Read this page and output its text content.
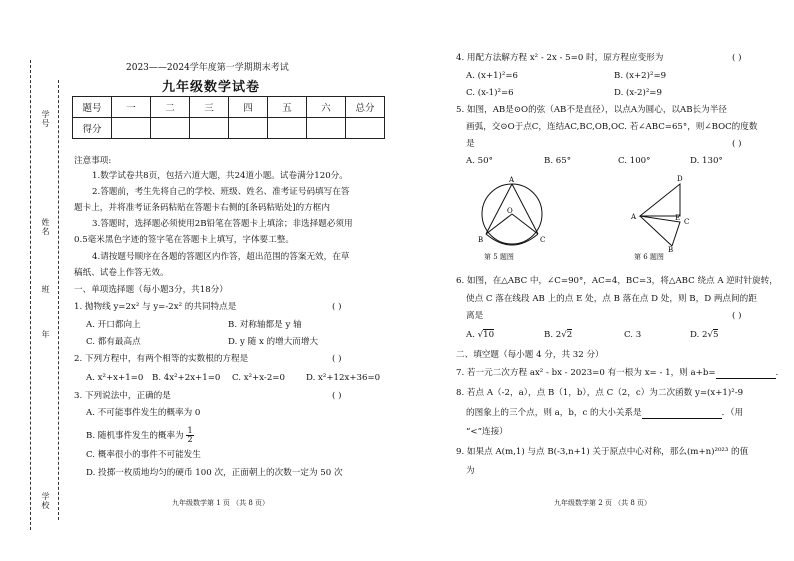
学号
姓名
班
年
学校
2023——2024学年度第一学期期末考试
九年级数学试卷
题号	一	二	三	四	五	六	总分
得分							
注意事项:
1.数学试卷共8页，包括六道大题，共24道小题。试卷满分120分。
2.答题前，考生先将自己的学校、班级、姓名、准考证号码填写在答
题卡上，并将准考证条码粘贴在答题卡右侧的[条码粘贴处]的方框内
3.答题时，选择题必须使用2B铅笔在答题卡上填涂；非选择题必须用
0.5毫米黑色字迹的签字笔在答题卡上填写，字体要工整。
4.请按题号顺序在各题的答题区内作答，超出范围的答案无效，在草
稿纸、试卷上作答无效。
一、单项选择题（每小题3分，共18分）
1. 抛物线 y=2x² 与 y=-2x² 的共同特点是	( )
A. 开口都向上	B. 对称轴都是 y 轴
C. 都有最高点	D. y 随 x 的增大而增大
2. 下列方程中，有两个相等的实数根的方程是	( )
A. x²+x+1=0 B. 4x²+2x+1=0 C. x²+x-2=0 D. x²+12x+36=0
3. 下列说法中，正确的是	( )
A. 不可能事件发生的概率为 0
B. 随机事件发生的概率为 $\frac{1}{2}$
C. 概率很小的事件不可能发生
D. 投掷一枚质地均匀的硬币 100 次，正面朝上的次数一定为 50 次
九年级数学第 1 页 （共 8 页）
4. 用配方法解方程 x² - 2x - 5=0 时，原方程应变形为	( )
A. (x+1)²=6	B. (x+2)²=9
C. (x-1)²=6	D. (x-2)²=9
5. 如图，AB是⊙O的弦（AB不是直径），以点A为圆心，以AB长为半径
画弧，交⊙O于点C，连结AC,BC,OB,OC. 若∠ABC=65°，则∠BOC的度数
是	( )
A. 50°	B. 65°	C. 100°	D. 130°
A
O
B	C
第 5 题图
D
A	E C
B
第 6 题图
6. 如图，在△ABC 中，∠C=90°，AC=4，BC=3，将△ABC 绕点 A 逆时针旋转，
使点 C 落在线段 AB 上的点 E 处，点 B 落在点 D 处，则 B，D 两点间的距
离是	( )
A. √10	B. 2√2	C. 3	D. 2√5
二、填空题（每小题 4 分，共 32 分）
7. 若一元二次方程 ax² - bx - 2023=0 有一根为 x= - 1，则 a+b=	.
8. 若点 A（-2，a），点 B（1，b），点 C（2，c）为二次函数 y=(x+1)²-9
的图象上的三个点，则 a，b，c 的大小关系是	．（用
“<”连接）
9. 如果点 A(m,1) 与点 B(-3,n+1) 关于原点中心对称，那么(m+n)²⁰²³ 的值
为
九年级数学第 2 页 （共 8 页）
